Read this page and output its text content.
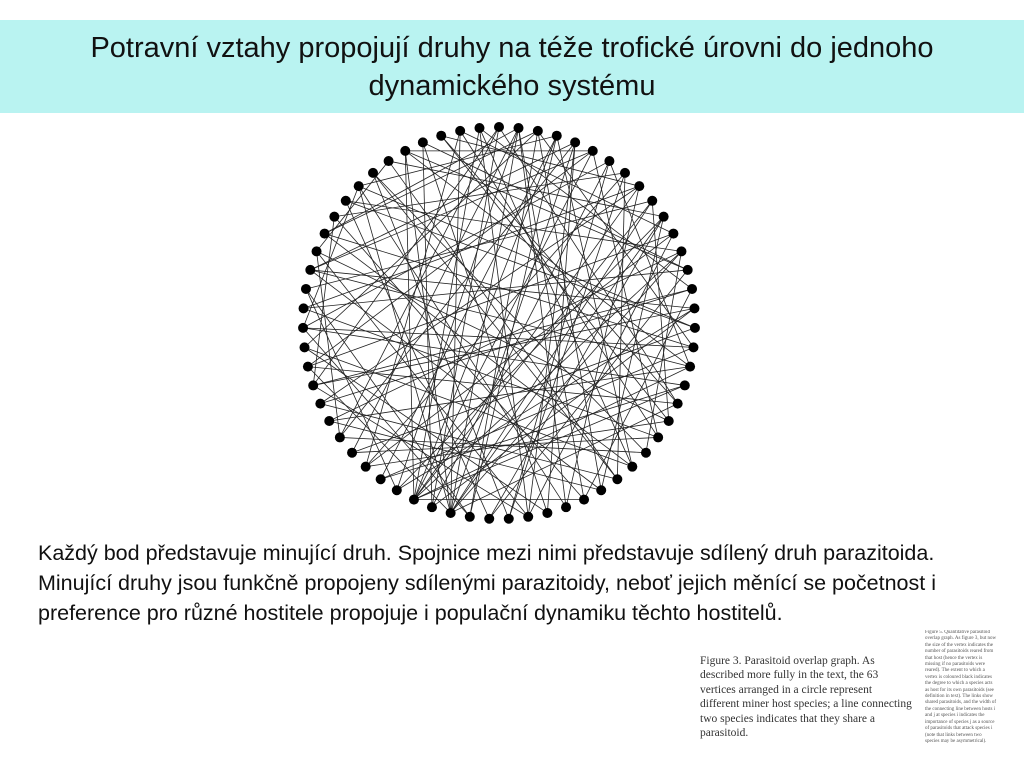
Potravní vztahy propojují druhy na téže trofické úrovni do jednoho dynamického systému
Každý bod představuje minující druh. Spojnice mezi nimi představuje sdílený druh parazitoida. Minující druhy jsou funkčně propojeny sdílenými parazitoidy, neboť jejich měnící se početnost i preference pro různé hostitele propojuje i populační dynamiku těchto hostitelů.
Figure 3. Parasitoid overlap graph. As described more fully in the text, the 63 vertices arranged in a circle represent different miner host species; a line connecting two species indicates that they share a parasitoid.
Figure 5. Quantitative parasitoid overlap graph. As figure 3, but now the size of the vertex indicates the number of parasitoids reared from that host (hence the vertex is missing if no parasitoids were reared). The extent to which a vertex is coloured black indicates the degree to which a species acts as host for its own parasitoids (see definition in text). The links show shared parasitoids, and the width of the connecting line between hosts i and j at species i indicates the importance of species j as a source of parasitoids that attack species i (note that links between two species may be asymmetrical).
